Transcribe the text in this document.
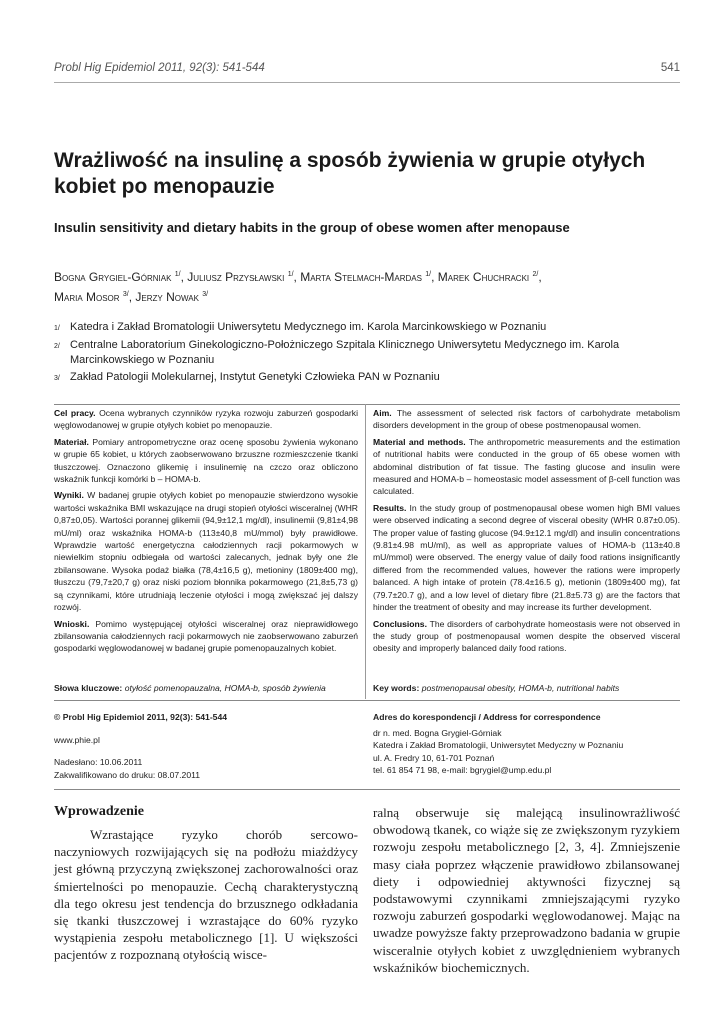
Probl Hig Epidemiol 2011, 92(3): 541-544	541
Wrażliwość na insulinę a sposób żywienia w grupie otyłych kobiet po menopauzie
Insulin sensitivity and dietary habits in the group of obese women after menopause
Bogna Grygiel-Górniak $^{1/}$, Juliusz Przysławski $^{1/}$, Marta Stelmach-Mardas $^{1/}$, Marek Chuchracki $^{2/}$,
Maria Mosor $^{3/}$, Jerzy Nowak $^{3/}$
1/ Katedra i Zakład Bromatologii Uniwersytetu Medycznego im. Karola Marcinkowskiego w Poznaniu
2/ Centralne Laboratorium Ginekologiczno-Położniczego Szpitala Klinicznego Uniwersytetu Medycznego im. Karola Marcinkowskiego w Poznaniu
3/ Zakład Patologii Molekularnej, Instytut Genetyki Człowieka PAN w Poznaniu

Cel pracy. Ocena wybranych czynników ryzyka rozwoju zaburzeń gospodarki węglowodanowej w grupie otyłych kobiet po menopauzie.

Materiał. Pomiary antropometryczne oraz ocenę sposobu żywienia wykonano w grupie 65 kobiet, u których zaobserwowano brzuszne rozmieszczenie tkanki tłuszczowej. Oznaczono glikemię i insulinemię na czczo oraz obliczono wskaźnik funkcji komórki b – HOMA-b.

Wyniki. W badanej grupie otyłych kobiet po menopauzie stwierdzono wysokie wartości wskaźnika BMI wskazujące na drugi stopień otyłości wisceralnej (WHR 0,87±0,05). Wartości porannej glikemii (94,9±12,1 mg/dl), insulinemii (9,81±4,98 mU/ml) oraz wskaźnika HOMA-b (113±40,8 mU/mmol) były prawidłowe. Wprawdzie wartość energetyczna całodziennych racji pokarmowych w niewielkim stopniu odbiegała od wartości zalecanych, jednak były one źle zbilansowane. Wysoka podaż białka (78,4±16,5 g), metioniny (1809±400 mg), tłuszczu (79,7±20,7 g) oraz niski poziom błonnika pokarmowego (21,8±5,73 g) są czynnikami, które utrudniają leczenie otyłości i mogą zwiększać jej dalszy rozwój.

Wnioski. Pomimo występującej otyłości wisceralnej oraz nieprawidłowego zbilansowania całodziennych racji pokarmowych nie zaobserwowano zaburzeń gospodarki węglowodanowej w badanej grupie pomenopauzalnych kobiet.

Słowa kluczowe: otyłość pomenopauzalna, HOMA-b, sposób żywienia

Aim. The assessment of selected risk factors of carbohydrate metabolism disorders development in the group of obese postmenopausal women.

Material and methods. The anthropometric measurements and the estimation of nutritional habits were conducted in the group of 65 obese women with abdominal distribution of fat tissue. The fasting glucose and insulin were measured and HOMA-b – homeostasic model assessment of β-cell function was calculated.

Results. In the study group of postmenopausal obese women high BMI values were observed indicating a second degree of visceral obesity (WHR 0.87±0.05). The proper value of fasting glucose (94.9±12.1 mg/dl) and insulin concentrations (9.81±4.98 mU/ml), as well as appropriate values of HOMA-b (113±40.8 mU/mmol) were observed. The energy value of daily food rations insignificantly differed from the recommended values, however the rations were improperly balanced. A high intake of protein (78.4±16.5 g), metionin (1809±400 mg), fat (79.7±20.7 g), and a low level of dietary fibre (21.8±5.73 g) are the factors that hinder the treatment of obesity and may increase its further development.

Conclusions. The disorders of carbohydrate homeostasis were not observed in the study group of postmenopausal women despite the observed visceral obesity and improperly balanced daily food rations.

Key words: postmenopausal obesity, HOMA-b, nutritional habits
© Probl Hig Epidemiol 2011, 92(3): 541-544
www.phie.pl
Nadesłano: 10.06.2011
Zakwalifikowano do druku: 08.07.2011
Adres do korespondencji / Address for correspondence
dr n. med. Bogna Grygiel-Górniak
Katedra i Zakład Bromatologii, Uniwersytet Medyczny w Poznaniu
ul. A. Fredry 10, 61-701 Poznań
tel. 61 854 71 98, e-mail: bgrygiel@ump.edu.pl
Wprowadzenie
Wzrastające ryzyko chorób sercowo-naczyniowych rozwijających się na podłożu miażdżycy jest główną przyczyną zwiększonej zachorowalności oraz śmiertelności po menopauzie. Cechą charakterystyczną dla tego okresu jest tendencja do brzusznego odkładania się tkanki tłuszczowej i wzrastające do 60% ryzyko wystąpienia zespołu metabolicznego [1]. U większości pacjentów z rozpoznaną otyłością wisce-
ralną obserwuje się malejącą insulinowrażliwość obwodową tkanek, co wiąże się ze zwiększonym ryzykiem rozwoju zespołu metabolicznego [2, 3, 4]. Zmniejszenie masy ciała poprzez włączenie prawidłowo zbilansowanej diety i odpowiedniej aktywności fizycznej są podstawowymi czynnikami zmniejszającymi ryzyko rozwoju zaburzeń gospodarki węglowodanowej. Mając na uwadze powyższe fakty przeprowadzono badania w grupie wisceralnie otyłych kobiet z uwzględnieniem wybranych wskaźników biochemicznych.
